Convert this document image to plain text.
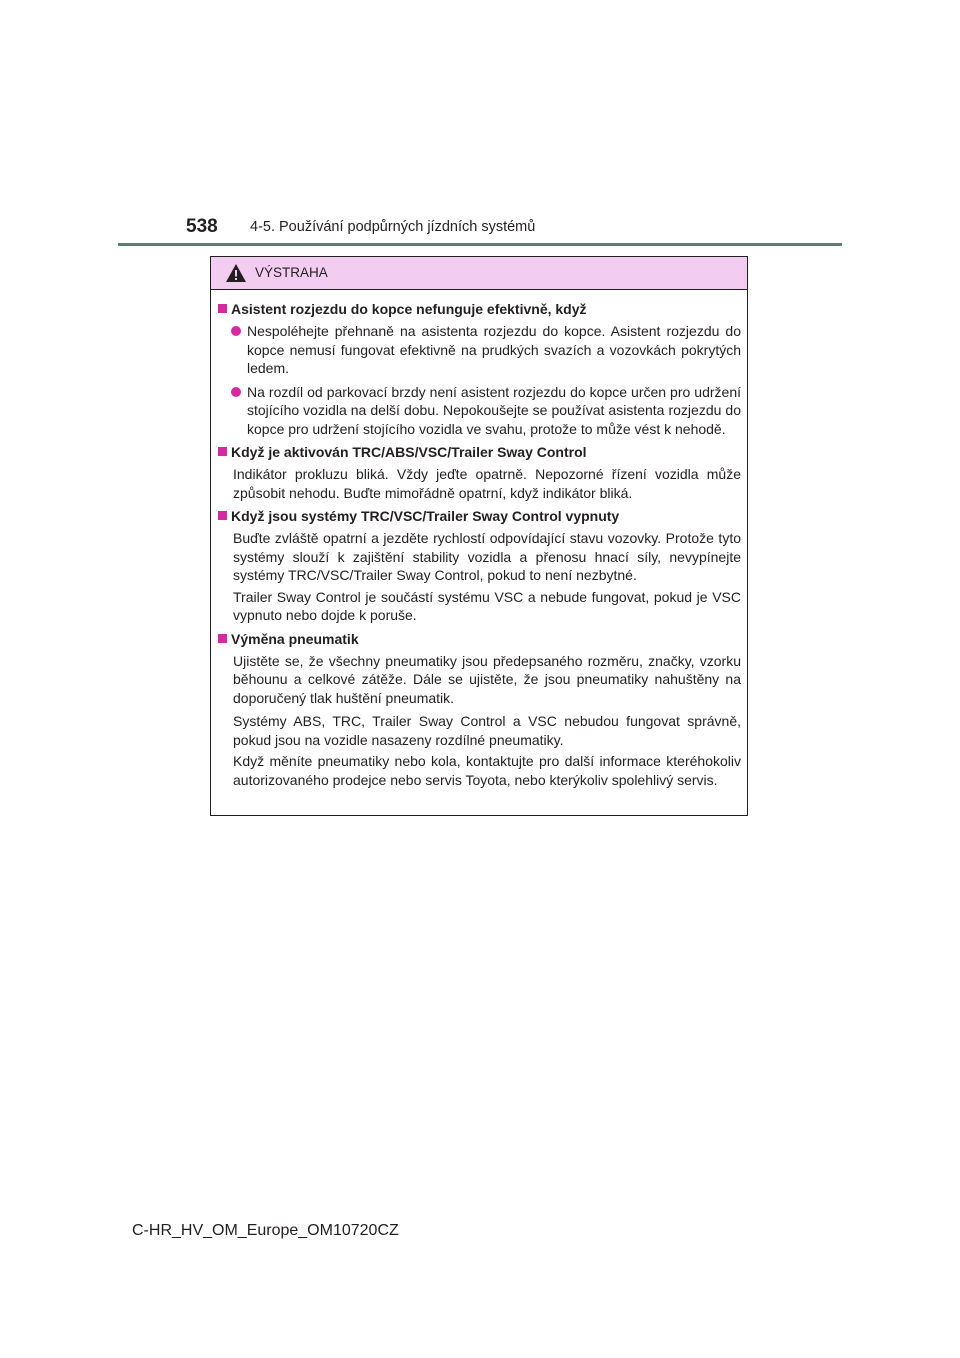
538 4-5. Používání podpůrných jízdních systémů
VÝSTRAHA
Asistent rozjezdu do kopce nefunguje efektivně, když
Nespoléhejte přehnaně na asistenta rozjezdu do kopce. Asistent rozjezdu do kopce nemusí fungovat efektivně na prudkých svazích a vozovkách pokrytých ledem.
Na rozdíl od parkovací brzdy není asistent rozjezdu do kopce určen pro udržení stojícího vozidla na delší dobu. Nepokoušejte se používat asistenta rozjezdu do kopce pro udržení stojícího vozidla ve svahu, protože to může vést k nehodě.
Když je aktivován TRC/ABS/VSC/Trailer Sway Control

Indikátor prokluzu bliká. Vždy jeďte opatrně. Nepozorné řízení vozidla může způsobit nehodu. Buďte mimořádně opatrní, když indikátor bliká.

Když jsou systémy TRC/VSC/Trailer Sway Control vypnuty

Buďte zvláště opatrní a jezděte rychlostí odpovídající stavu vozovky. Protože tyto systémy slouží k zajištění stability vozidla a přenosu hnací síly, nevypínejte systémy TRC/VSC/Trailer Sway Control, pokud to není nezbytné.

Trailer Sway Control je součástí systému VSC a nebude fungovat, pokud je VSC vypnuto nebo dojde k poruše.

Výměna pneumatik

Ujistěte se, že všechny pneumatiky jsou předepsaného rozměru, značky, vzorku běhounu a celkové zátěže. Dále se ujistěte, že jsou pneumatiky nahuštěny na doporučený tlak huštění pneumatik.

Systémy ABS, TRC, Trailer Sway Control a VSC nebudou fungovat správně, pokud jsou na vozidle nasazeny rozdílné pneumatiky.

Když měníte pneumatiky nebo kola, kontaktujte pro další informace kteréhokoliv autorizovaného prodejce nebo servis Toyota, nebo kterýkoliv spolehlivý servis.

C-HR_HV_OM_Europe_OM10720CZ
